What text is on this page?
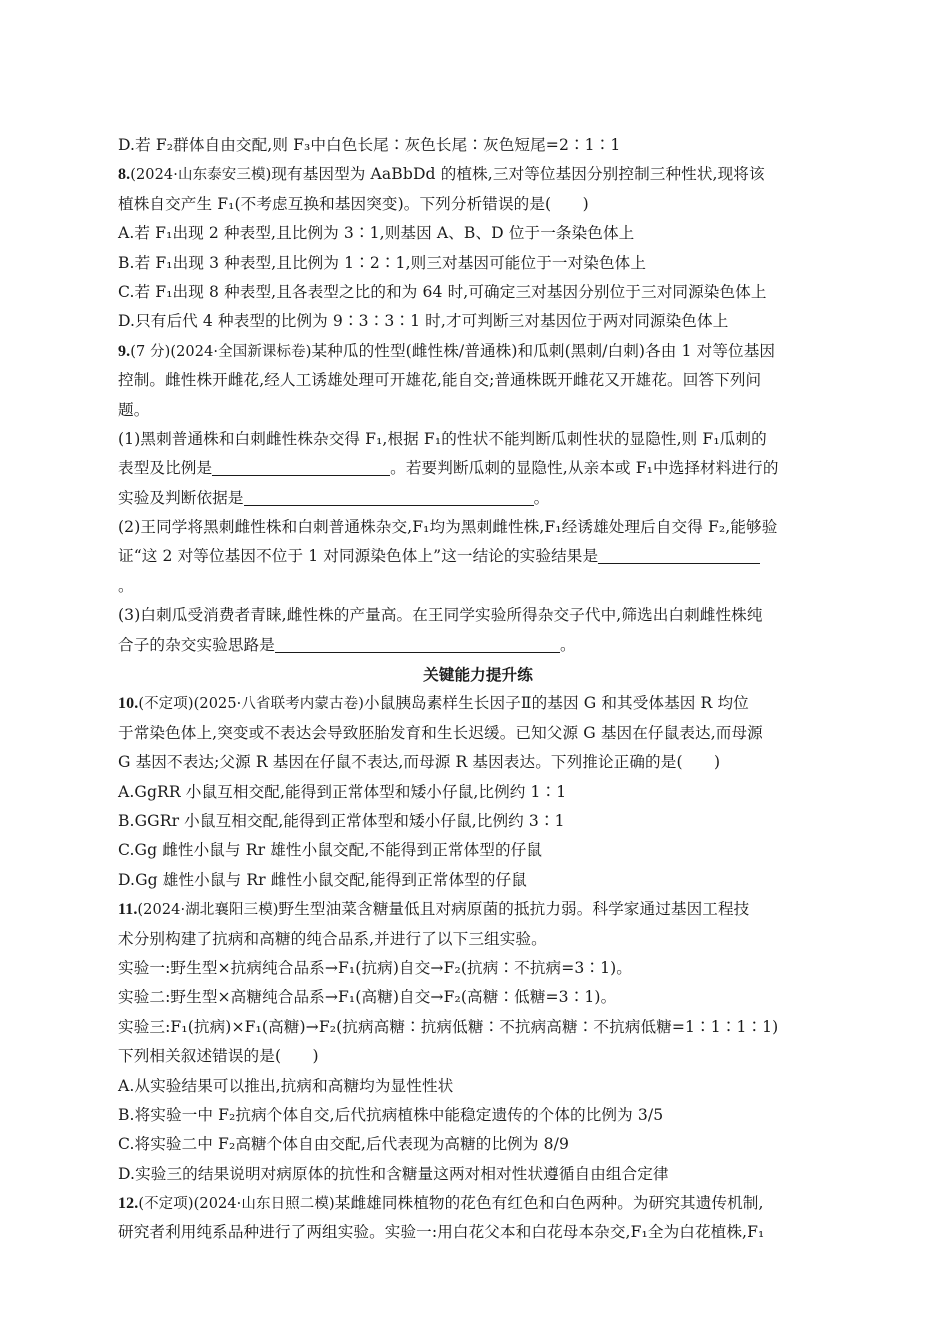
D.若 F₂群体自由交配,则 F₃中白色长尾∶灰色长尾∶灰色短尾=2∶1∶1
8.(2024·山东泰安三模)现有基因型为 AaBbDd 的植株,三对等位基因分别控制三种性状,现将该
植株自交产生 F₁(不考虑互换和基因突变)。下列分析错误的是(　　)
A.若 F₁出现 2 种表型,且比例为 3∶1,则基因 A、B、D 位于一条染色体上
B.若 F₁出现 3 种表型,且比例为 1∶2∶1,则三对基因可能位于一对染色体上
C.若 F₁出现 8 种表型,且各表型之比的和为 64 时,可确定三对基因分别位于三对同源染色体上
D.只有后代 4 种表型的比例为 9∶3∶3∶1 时,才可判断三对基因位于两对同源染色体上
9.(7 分)(2024·全国新课标卷)某种瓜的性型(雌性株/普通株)和瓜刺(黑刺/白刺)各由 1 对等位基因
控制。雌性株开雌花,经人工诱雄处理可开雄花,能自交;普通株既开雌花又开雄花。回答下列问
题。
(1)黑刺普通株和白刺雌性株杂交得 F₁,根据 F₁的性状不能判断瓜刺性状的显隐性,则 F₁瓜刺的
表型及比例是	。若要判断瓜刺的显隐性,从亲本或 F₁中选择材料进行的
实验及判断依据是	。
(2)王同学将黑刺雌性株和白刺普通株杂交,F₁均为黑刺雌性株,F₁经诱雄处理后自交得 F₂,能够验
证“这 2 对等位基因不位于 1 对同源染色体上”这一结论的实验结果是
。
(3)白刺瓜受消费者青睐,雌性株的产量高。在王同学实验所得杂交子代中,筛选出白刺雌性株纯
合子的杂交实验思路是	。
关键能力提升练
10.(不定项)(2025·八省联考内蒙古卷)小鼠胰岛素样生长因子Ⅱ的基因 G 和其受体基因 R 均位
于常染色体上,突变或不表达会导致胚胎发育和生长迟缓。已知父源 G 基因在仔鼠表达,而母源
G 基因不表达;父源 R 基因在仔鼠不表达,而母源 R 基因表达。下列推论正确的是(　　)
A.GgRR 小鼠互相交配,能得到正常体型和矮小仔鼠,比例约 1∶1
B.GGRr 小鼠互相交配,能得到正常体型和矮小仔鼠,比例约 3∶1
C.Gg 雌性小鼠与 Rr 雄性小鼠交配,不能得到正常体型的仔鼠
D.Gg 雄性小鼠与 Rr 雌性小鼠交配,能得到正常体型的仔鼠
11.(2024·湖北襄阳三模)野生型油菜含糖量低且对病原菌的抵抗力弱。科学家通过基因工程技
术分别构建了抗病和高糖的纯合品系,并进行了以下三组实验。
实验一:野生型×抗病纯合品系→F₁(抗病)自交→F₂(抗病∶不抗病=3∶1)。
实验二:野生型×高糖纯合品系→F₁(高糖)自交→F₂(高糖∶低糖=3∶1)。
实验三:F₁(抗病)×F₁(高糖)→F₂(抗病高糖∶抗病低糖∶不抗病高糖∶不抗病低糖=1∶1∶1∶1)
下列相关叙述错误的是(　　)
A.从实验结果可以推出,抗病和高糖均为显性性状
B.将实验一中 F₂抗病个体自交,后代抗病植株中能稳定遗传的个体的比例为 3/5
C.将实验二中 F₂高糖个体自由交配,后代表现为高糖的比例为 8/9
D.实验三的结果说明对病原体的抗性和含糖量这两对相对性状遵循自由组合定律
12.(不定项)(2024·山东日照二模)某雌雄同株植物的花色有红色和白色两种。为研究其遗传机制,
研究者利用纯系品种进行了两组实验。实验一:用白花父本和白花母本杂交,F₁全为白花植株,F₁
